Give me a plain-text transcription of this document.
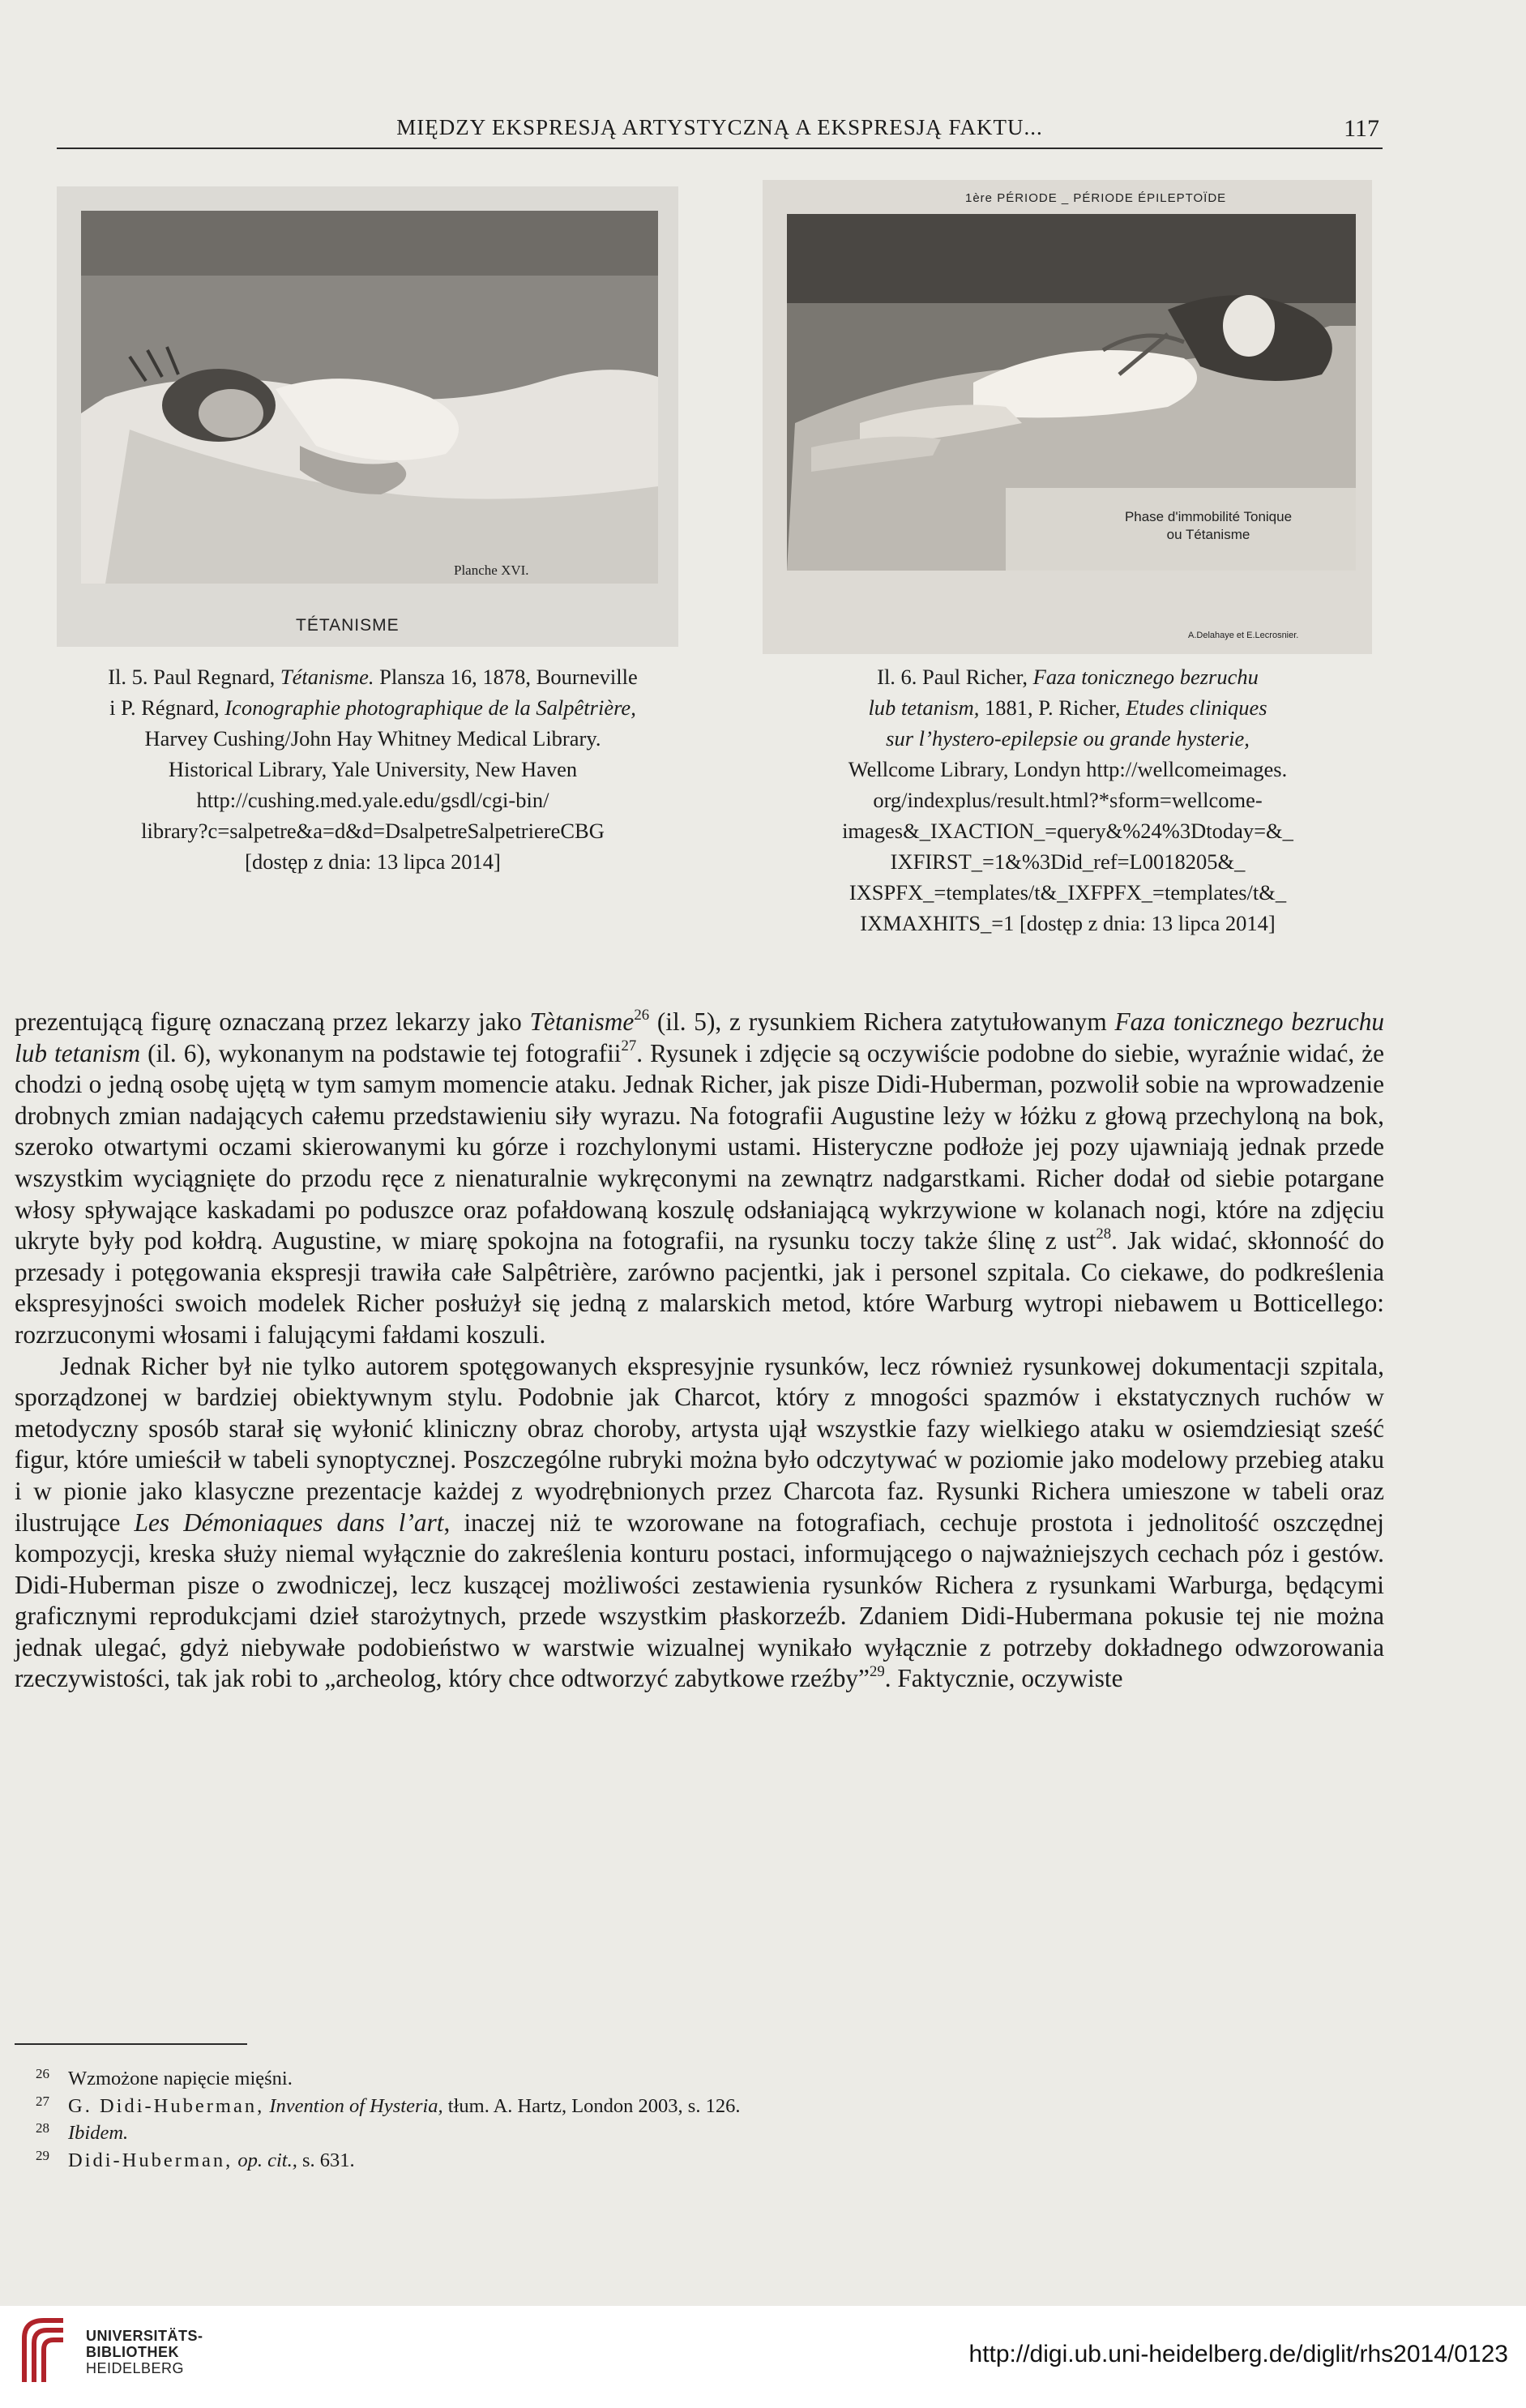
MIĘDZY EKSPRESJĄ ARTYSTYCZNĄ A EKSPRESJĄ FAKTU...	117
Planche XVI.
TÉTANISME
1ère PÉRIODE _ PÉRIODE ÉPILEPTOÏDE
Phase d'immobilité Tonique
ou Tétanisme
A.Delahaye et E.Lecrosnier.
Il. 5. Paul Regnard, Tétanisme. Plansza 16, 1878, Bourneville
i P. Régnard, Iconographie photographique de la Salpêtrière,
Harvey Cushing/John Hay Whitney Medical Library.
Historical Library, Yale University, New Haven
http://cushing.med.yale.edu/gsdl/cgi-bin/
library?c=salpetre&a=d&d=DsalpetreSalpetriereCBG
[dostęp z dnia: 13 lipca 2014]
Il. 6. Paul Richer, Faza tonicznego bezruchu
lub tetanism, 1881, P. Richer, Etudes cliniques
sur l’hystero-epilepsie ou grande hysterie,
Wellcome Library, Londyn http://wellcomeimages.
org/indexplus/result.html?*sform=wellcome-
images&_IXACTION_=query&%24%3Dtoday=&_
IXFIRST_=1&%3Did_ref=L0018205&_
IXSPFX_=templates/t&_IXFPFX_=templates/t&_
IXMAXHITS_=1 [dostęp z dnia: 13 lipca 2014]

prezentującą figurę oznaczaną przez lekarzy jako Tètanisme$^{26}$ (il. 5), z rysunkiem Richera zatytułowanym Faza tonicznego bezruchu lub tetanism (il. 6), wykonanym na podstawie tej fotografii$^{27}$. Rysunek i zdjęcie są oczywiście podobne do siebie, wyraźnie widać, że chodzi o jedną osobę ujętą w tym samym momencie ataku. Jednak Richer, jak pisze Didi-Huberman, pozwolił sobie na wprowadzenie drobnych zmian nadających całemu przedstawieniu siły wyrazu. Na fotografii Augustine leży w łóżku z głową przechyloną na bok, szeroko otwartymi oczami skierowanymi ku górze i rozchylonymi ustami. Histeryczne podłoże jej pozy ujawniają jednak przede wszystkim wyciągnięte do przodu ręce z nienaturalnie wykręconymi na zewnątrz nadgarstkami. Richer dodał od siebie potargane włosy spływające kaskadami po poduszce oraz pofałdowaną koszulę odsłaniającą wykrzywione w kolanach nogi, które na zdjęciu ukryte były pod kołdrą. Augustine, w miarę spokojna na fotografii, na rysunku toczy także ślinę z ust$^{28}$. Jak widać, skłonność do przesady i potęgowania ekspresji trawiła całe Salpêtrière, zarówno pacjentki, jak i personel szpitala. Co ciekawe, do podkreślenia ekspresyjności swoich modelek Richer posłużył się jedną z malarskich metod, które Warburg wytropi niebawem u Botticellego: rozrzuconymi włosami i falującymi fałdami koszuli.

Jednak Richer był nie tylko autorem spotęgowanych ekspresyjnie rysunków, lecz również rysunkowej dokumentacji szpitala, sporządzonej w bardziej obiektywnym stylu. Podobnie jak Charcot, który z mnogości spazmów i ekstatycznych ruchów w metodyczny sposób starał się wyłonić kliniczny obraz choroby, artysta ujął wszystkie fazy wielkiego ataku w osiemdziesiąt sześć figur, które umieścił w tabeli synoptycznej. Poszczególne rubryki można było odczytywać w poziomie jako modelowy przebieg ataku i w pionie jako klasyczne prezentacje każdej z wyodrębnionych przez Charcota faz. Rysunki Richera umieszone w tabeli oraz ilustrujące Les Démoniaques dans l’art, inaczej niż te wzorowane na fotografiach, cechuje prostota i jednolitość oszczędnej kompozycji, kreska służy niemal wyłącznie do zakreślenia konturu postaci, informującego o najważniejszych cechach póz i gestów. Didi-Huberman pisze o zwodniczej, lecz kuszącej możliwości zestawienia rysunków Richera z rysunkami Warburga, będącymi graficznymi reprodukcjami dzieł starożytnych, przede wszystkim płaskorzeźb. Zdaniem Didi-Hubermana pokusie tej nie można jednak ulegać, gdyż niebywałe podobieństwo w warstwie wizualnej wynikało wyłącznie z potrzeby dokładnego odwzorowania rzeczywistości, tak jak robi to „archeolog, który chce odtworzyć zabytkowe rzeźby”$^{29}$. Faktycznie, oczywiste

26 Wzmożone napięcie mięśni.
27 G. Didi-Huberman, Invention of Hysteria, tłum. A. Hartz, London 2003, s. 126.
28 Ibidem.
29 Didi-Huberman, op. cit., s. 631.
UNIVERSITÄTS-
BIBLIOTHEK
HEIDELBERG
http://digi.ub.uni-heidelberg.de/diglit/rhs2014/0123
